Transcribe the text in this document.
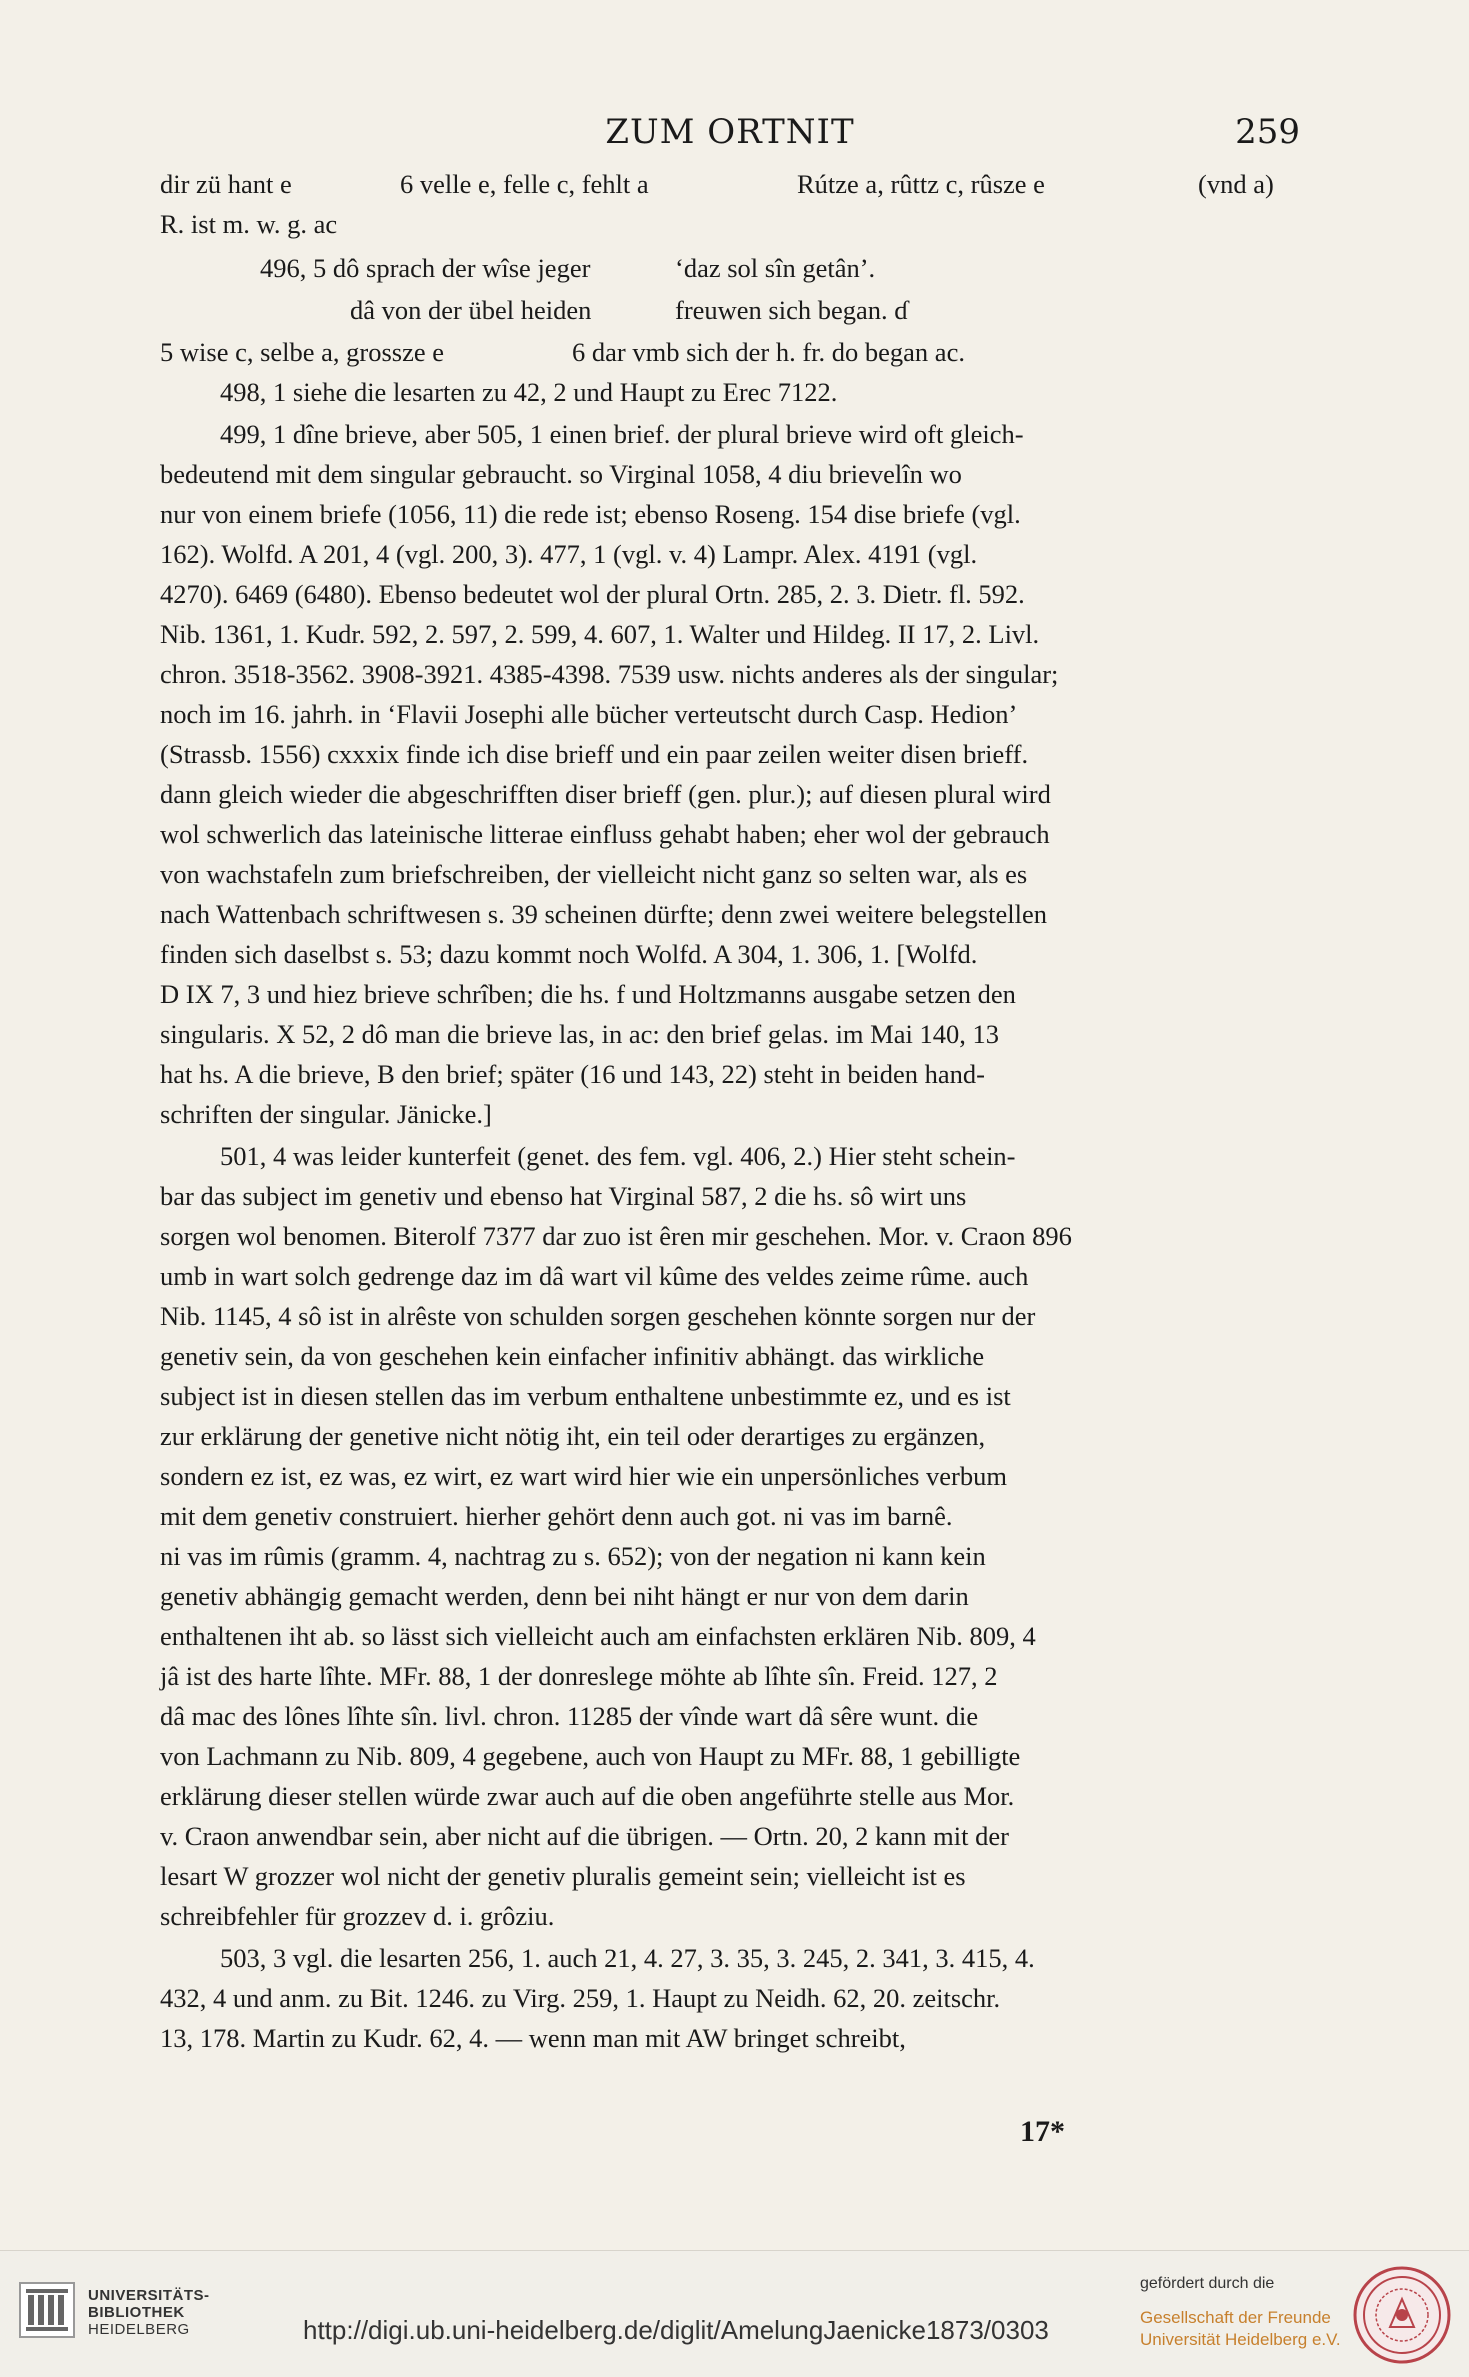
ZUM ORTNIT	259
dir zü hant e	6 velle e, felle c, fehlt a	Rútze a, rûttz c, rûsze e	(vnd a)
R. ist m. w. g. ac
496, 5 dô sprach der wîse jeger	‘daz sol sîn getân’.
dâ von der übel heiden	freuwen sich began. ɗ
5 wise c, selbe a, grossze e	6 dar vmb sich der h. fr. do began ac.
498, 1 siehe die lesarten zu 42, 2 und Haupt zu Erec 7122.
499, 1 dîne brieve, aber 505, 1 einen brief. der plural brieve wird oft gleich-
bedeutend mit dem singular gebraucht. so Virginal 1058, 4 diu brievelîn wo
nur von einem briefe (1056, 11) die rede ist; ebenso Roseng. 154 dise briefe (vgl.
162). Wolfd. A 201, 4 (vgl. 200, 3). 477, 1 (vgl. v. 4) Lampr. Alex. 4191 (vgl.
4270). 6469 (6480). Ebenso bedeutet wol der plural Ortn. 285, 2. 3. Dietr. fl. 592.
Nib. 1361, 1. Kudr. 592, 2. 597, 2. 599, 4. 607, 1. Walter und Hildeg. II 17, 2. Livl.
chron. 3518-3562. 3908-3921. 4385-4398. 7539 usw. nichts anderes als der singular;
noch im 16. jahrh. in ‘Flavii Josephi alle bücher verteutscht durch Casp. Hedion’
(Strassb. 1556) cxxxix finde ich dise brieff und ein paar zeilen weiter disen brieff.
dann gleich wieder die abgeschrifften diser brieff (gen. plur.); auf diesen plural wird
wol schwerlich das lateinische litterae einfluss gehabt haben; eher wol der gebrauch
von wachstafeln zum briefschreiben, der vielleicht nicht ganz so selten war, als es
nach Wattenbach schriftwesen s. 39 scheinen dürfte; denn zwei weitere belegstellen
finden sich daselbst s. 53; dazu kommt noch Wolfd. A 304, 1. 306, 1. [Wolfd.
D IX 7, 3 und hiez brieve schrîben; die hs. f und Holtzmanns ausgabe setzen den
singularis. X 52, 2 dô man die brieve las, in ac: den brief gelas. im Mai 140, 13
hat hs. A die brieve, B den brief; später (16 und 143, 22) steht in beiden hand-
schriften der singular. Jänicke.]
501, 4 was leider kunterfeit (genet. des fem. vgl. 406, 2.) Hier steht schein-
bar das subject im genetiv und ebenso hat Virginal 587, 2 die hs. sô wirt uns
sorgen wol benomen. Biterolf 7377 dar zuo ist êren mir geschehen. Mor. v. Craon 896
umb in wart solch gedrenge daz im dâ wart vil kûme des veldes zeime rûme. auch
Nib. 1145, 4 sô ist in alrêste von schulden sorgen geschehen könnte sorgen nur der
genetiv sein, da von geschehen kein einfacher infinitiv abhängt. das wirkliche
subject ist in diesen stellen das im verbum enthaltene unbestimmte ez, und es ist
zur erklärung der genetive nicht nötig iht, ein teil oder derartiges zu ergänzen,
sondern ez ist, ez was, ez wirt, ez wart wird hier wie ein unpersönliches verbum
mit dem genetiv construiert. hierher gehört denn auch got. ni vas im barnê.
ni vas im rûmis (gramm. 4, nachtrag zu s. 652); von der negation ni kann kein
genetiv abhängig gemacht werden, denn bei niht hängt er nur von dem darin
enthaltenen iht ab. so lässt sich vielleicht auch am einfachsten erklären Nib. 809, 4
jâ ist des harte lîhte. MFr. 88, 1 der donreslege möhte ab lîhte sîn. Freid. 127, 2
dâ mac des lônes lîhte sîn. livl. chron. 11285 der vînde wart dâ sêre wunt. die
von Lachmann zu Nib. 809, 4 gegebene, auch von Haupt zu MFr. 88, 1 gebilligte
erklärung dieser stellen würde zwar auch auf die oben angeführte stelle aus Mor.
v. Craon anwendbar sein, aber nicht auf die übrigen. — Ortn. 20, 2 kann mit der
lesart W grozzer wol nicht der genetiv pluralis gemeint sein; vielleicht ist es
schreibfehler für grozzev d. i. grôziu.
503, 3 vgl. die lesarten 256, 1. auch 21, 4. 27, 3. 35, 3. 245, 2. 341, 3. 415, 4.
432, 4 und anm. zu Bit. 1246. zu Virg. 259, 1. Haupt zu Neidh. 62, 20. zeitschr.
13, 178. Martin zu Kudr. 62, 4. — wenn man mit AW bringet schreibt,
17*
UNIVERSITÄTS-
BIBLIOTHEK
HEIDELBERG	http://digi.ub.uni-heidelberg.de/diglit/AmelungJaenicke1873/0303
gefördert durch die
Gesellschaft der Freunde
Universität Heidelberg e.V.
